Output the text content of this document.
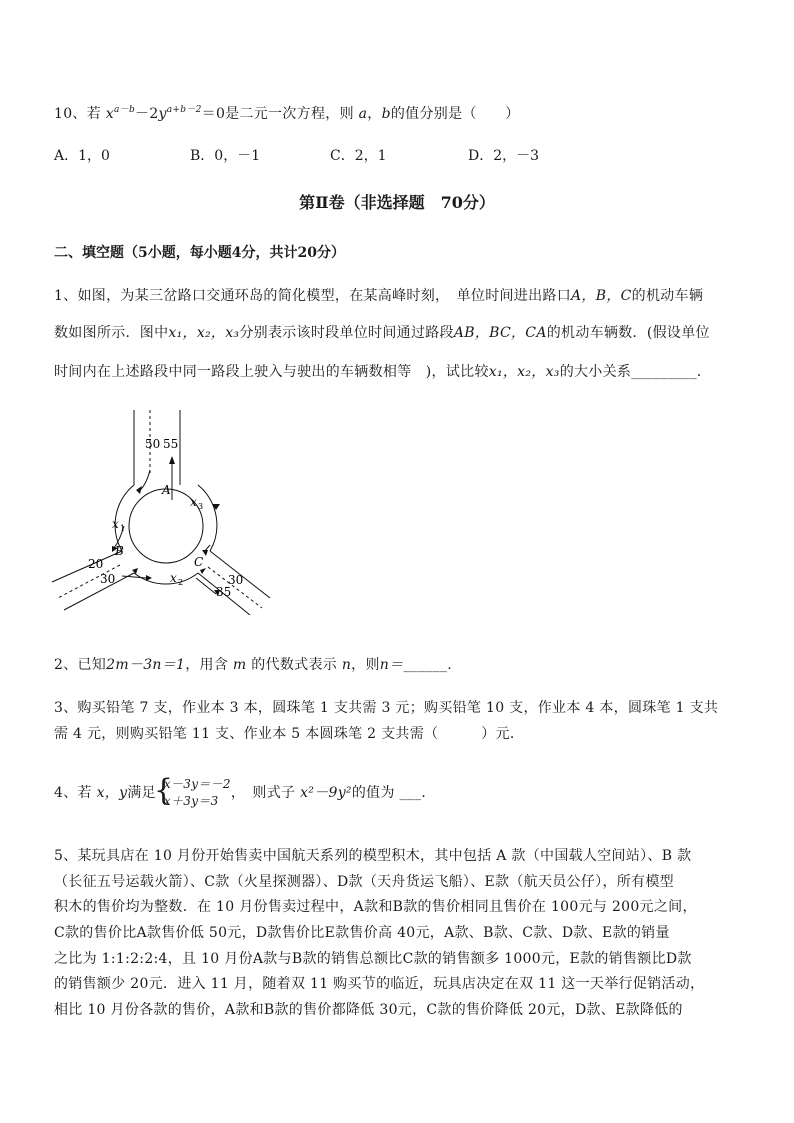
10、若 $x^{a-b}-2y^{a+b-2}=0$是二元一次方程，则 a，b的值分别是（　　）
A．1，0	B．0，－1	C．2，1	D．2，－3
第Ⅱ卷（非选择题　70分）
二、填空题（5小题，每小题4分，共计20分）
1、如图，为某三岔路口交通环岛的简化模型，在某高峰时刻，　单位时间进出路口A，B，C的机动车辆
数如图所示．图中x₁，x₂，x₃分别表示该时段单位时间通过路段AB，BC，CA的机动车辆数．(假设单位
时间内在上述路段中同一路段上驶入与驶出的车辆数相等　)，试比较x₁，x₂，x₃的大小关系_________．
50 55
A
x 3
x 1
B
20
30	x 2
C
30
35
2、已知2m－3n＝1，用含 m 的代数式表示 n，则n＝______．
3、购买铅笔 7 支，作业本 3 本，圆珠笔 1 支共需 3 元；购买铅笔 10 支，作业本 4 本，圆珠笔 1 支共
需 4 元，则购买铅笔 11 支、作业本 5 本圆珠笔 2 支共需（　　　）元．
4、若 x，y满足
{
x－3y＝－2
x＋3y＝3 ，　则式子 x²－9y²的值为 ___．
5、某玩具店在 10 月份开始售卖中国航天系列的模型积木，其中包括 A 款（中国载人空间站）、B 款
（长征五号运载火箭）、C款（火星探测器）、D款（天舟货运飞船）、E款（航天员公仔），所有模型
积木的售价均为整数．在 10 月份售卖过程中，A款和B款的售价相同且售价在 100元与 200元之间，
C款的售价比A款售价低 50元，D款售价比E款售价高 40元，A款、B款、C款、D款、E款的销量
之比为 1:1:2:2:4，且 10 月份A款与B款的销售总额比C款的销售额多 1000元，E款的销售额比D款
的销售额少 20元．进入 11 月，随着双 11 购买节的临近，玩具店决定在双 11 这一天举行促销活动，
相比 10 月份各款的售价，A款和B款的售价都降低 30元，C款的售价降低 20元，D款、E款降低的
